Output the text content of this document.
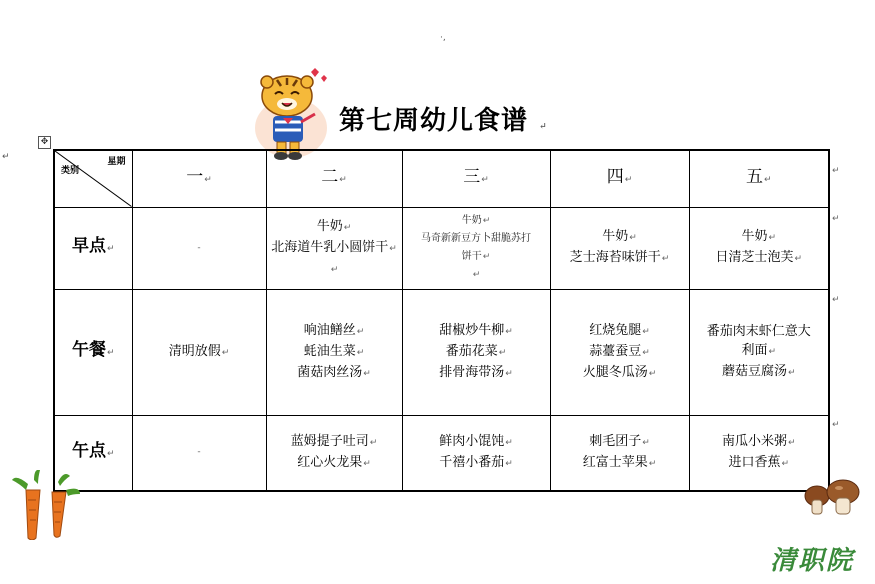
·,
↵
第七周幼儿食谱 ↵
✥
星期
类别	一↵	二↵	三↵	四↵	五↵
早点↵	-	牛奶↵
北海道牛乳小圆饼干↵
↵	牛奶↵
马奇新新豆方卜甜脆苏打
饼干↵
↵	牛奶↵
芝士海苔味饼干↵	牛奶↵
日清芝士泡芙↵

午餐↵	清明放假↵	响油鳝丝↵
蚝油生菜↵
菌菇肉丝汤↵	甜椒炒牛柳↵
番茄花菜↵
排骨海带汤↵	红烧兔腿↵
蒜薹蚕豆↵
火腿冬瓜汤↵	番茄肉末虾仁意大
利面↵
蘑菇豆腐汤↵

午点↵	-	蓝姆提子吐司↵
红心火龙果↵	鲜肉小馄饨↵
千禧小番茄↵	刺毛团子↵
红富士苹果↵	南瓜小米粥↵
进口香蕉↵
↵
↵
↵
↵
清职院
